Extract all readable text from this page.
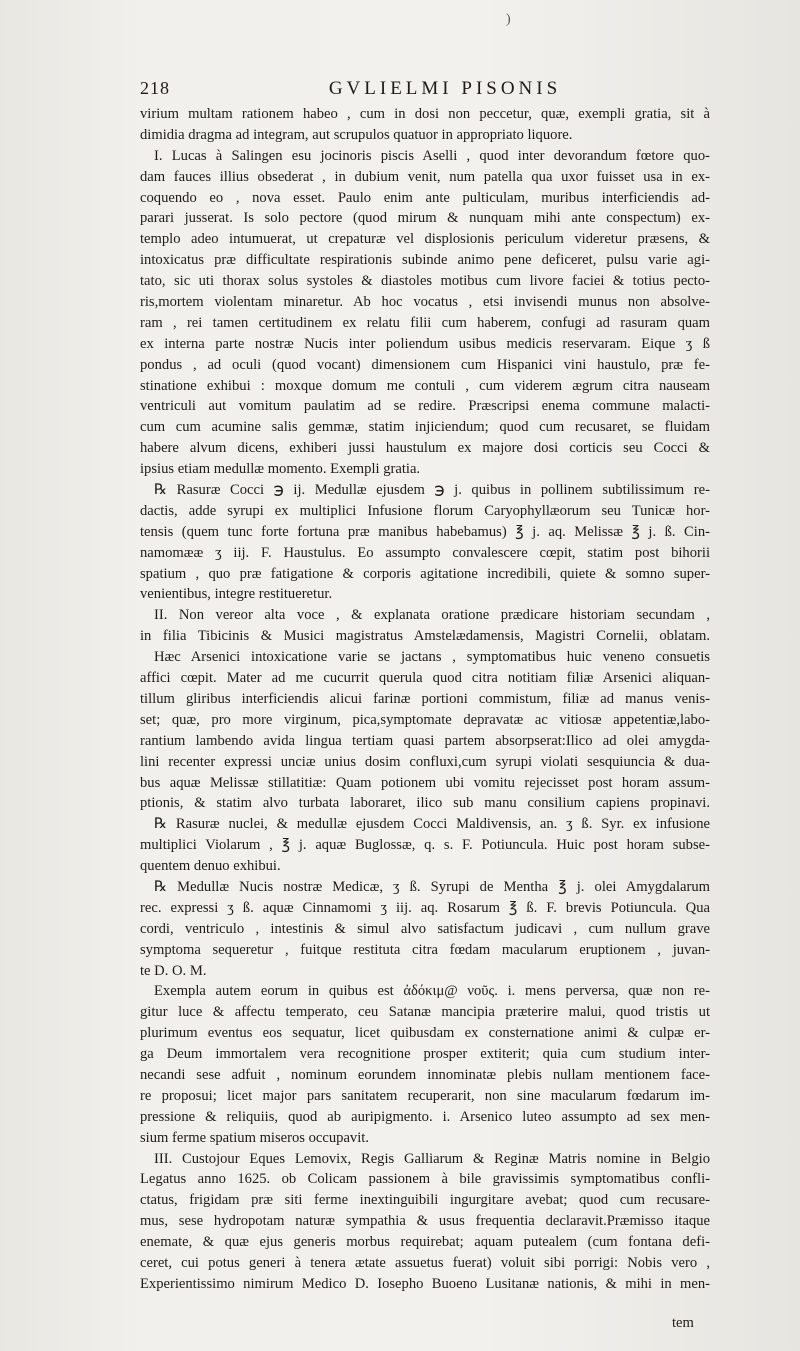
)
218	GVLIELMI PISONIS
virium multam rationem habeo , cum in dosi non peccetur, quæ, exempli gratia, sit à
dimidia dragma ad integram, aut scrupulos quatuor in appropriato liquore.
I. Lucas à Salingen esu jocinoris piscis Aselli , quod inter devorandum fœtore quo-
dam fauces illius obsederat , in dubium venit, num patella qua uxor fuisset usa in ex-
coquendo eo , nova esset. Paulo enim ante pulticulam, muribus interficiendis ad-
parari jusserat. Is solo pectore (quod mirum & nunquam mihi ante conspectum) ex-
templo adeo intumuerat, ut crepaturæ vel displosionis periculum videretur præsens, &
intoxicatus præ difficultate respirationis subinde animo pene deficeret, pulsu varie agi-
tato, sic uti thorax solus systoles & diastoles motibus cum livore faciei & totius pecto-
ris,mortem violentam minaretur. Ab hoc vocatus , etsi invisendi munus non absolve-
ram , rei tamen certitudinem ex relatu filii cum haberem, confugi ad rasuram quam
ex interna parte nostræ Nucis inter poliendum usibus medicis reservaram. Eique ʒ ß
pondus , ad oculi (quod vocant) dimensionem cum Hispanici vini haustulo, præ fe-
stinatione exhibui : moxque domum me contuli , cum viderem ægrum citra nauseam
ventriculi aut vomitum paulatim ad se redire. Præscripsi enema commune malacti-
cum cum acumine salis gemmæ, statim injiciendum; quod cum recusaret, se fluidam
habere alvum dicens, exhiberi jussi haustulum ex majore dosi corticis seu Cocci &
ipsius etiam medullæ momento. Exempli gratia.
℞ Rasuræ Cocci ℈ ij. Medullæ ejusdem ℈ j. quibus in pollinem subtilissimum re-
dactis, adde syrupi ex multiplici Infusione florum Caryophyllæorum seu Tunicæ hor-
tensis (quem tunc forte fortuna præ manibus habebamus) ℥ j. aq. Melissæ ℥ j. ß. Cin-
namomææ ʒ iij. F. Haustulus. Eo assumpto convalescere cœpit, statim post bihorii
spatium , quo præ fatigatione & corporis agitatione incredibili, quiete & somno super-
venientibus, integre restitueretur.
II. Non vereor alta voce , & explanata oratione prædicare historiam secundam ,
in filia Tibicinis & Musici magistratus Amstelædamensis, Magistri Cornelii, oblatam.
Hæc Arsenici intoxicatione varie se jactans , symptomatibus huic veneno consuetis
affici cœpit. Mater ad me cucurrit querula quod citra notitiam filiæ Arsenici aliquan-
tillum gliribus interficiendis alicui farinæ portioni commistum, filiæ ad manus venis-
set; quæ, pro more virginum, pica,symptomate depravatæ ac vitiosæ appetentiæ,labo-
rantium lambendo avida lingua tertiam quasi partem absorpserat:Ilico ad olei amygda-
lini recenter expressi unciæ unius dosim confluxi,cum syrupi violati sesquiuncia & dua-
bus aquæ Melissæ stillatitiæ: Quam potionem ubi vomitu rejecisset post horam assum-
ptionis, & statim alvo turbata laboraret, ilico sub manu consilium capiens propinavi.
℞ Rasuræ nuclei, & medullæ ejusdem Cocci Maldivensis, an. ʒ ß. Syr. ex infusione
multiplici Violarum , ℥ j. aquæ Buglossæ, q. s. F. Potiuncula. Huic post horam subse-
quentem denuo exhibui.
℞ Medullæ Nucis nostræ Medicæ, ʒ ß. Syrupi de Mentha ℥ j. olei Amygdalarum
rec. expressi ʒ ß. aquæ Cinnamomi ʒ iij. aq. Rosarum ℥ ß. F. brevis Potiuncula. Qua
cordi, ventriculo , intestinis & simul alvo satisfactum judicavi , cum nullum grave
symptoma sequeretur , fuitque restituta citra fœdam macularum eruptionem , juvan-
te D. O. M.
Exempla autem eorum in quibus est ἀδόκιμ@ νοῦς. i. mens perversa, quæ non re-
gitur luce & affectu temperato, ceu Satanæ mancipia præterire malui, quod tristis ut
plurimum eventus eos sequatur, licet quibusdam ex consternatione animi & culpæ er-
ga Deum immortalem vera recognitione prosper extiterit; quia cum studium inter-
necandi sese adfuit , nominum eorundem innominatæ plebis nullam mentionem face-
re proposui; licet major pars sanitatem recuperarit, non sine macularum fœdarum im-
pressione & reliquiis, quod ab auripigmento. i. Arsenico luteo assumpto ad sex men-
sium ferme spatium miseros occupavit.
III. Custojour Eques Lemovix, Regis Galliarum & Reginæ Matris nomine in Belgio
Legatus anno 1625. ob Colicam passionem à bile gravissimis symptomatibus confli-
ctatus, frigidam præ siti ferme inextinguibili ingurgitare avebat; quod cum recusare-
mus, sese hydropotam naturæ sympathia & usus frequentia declaravit.Præmisso itaque
enemate, & quæ ejus generis morbus requirebat; aquam putealem (cum fontana defi-
ceret, cui potus generi à tenera ætate assuetus fuerat) voluit sibi porrigi: Nobis vero ,
Experientissimo nimirum Medico D. Iosepho Buoeno Lusitanæ nationis, & mihi in men-
tem
